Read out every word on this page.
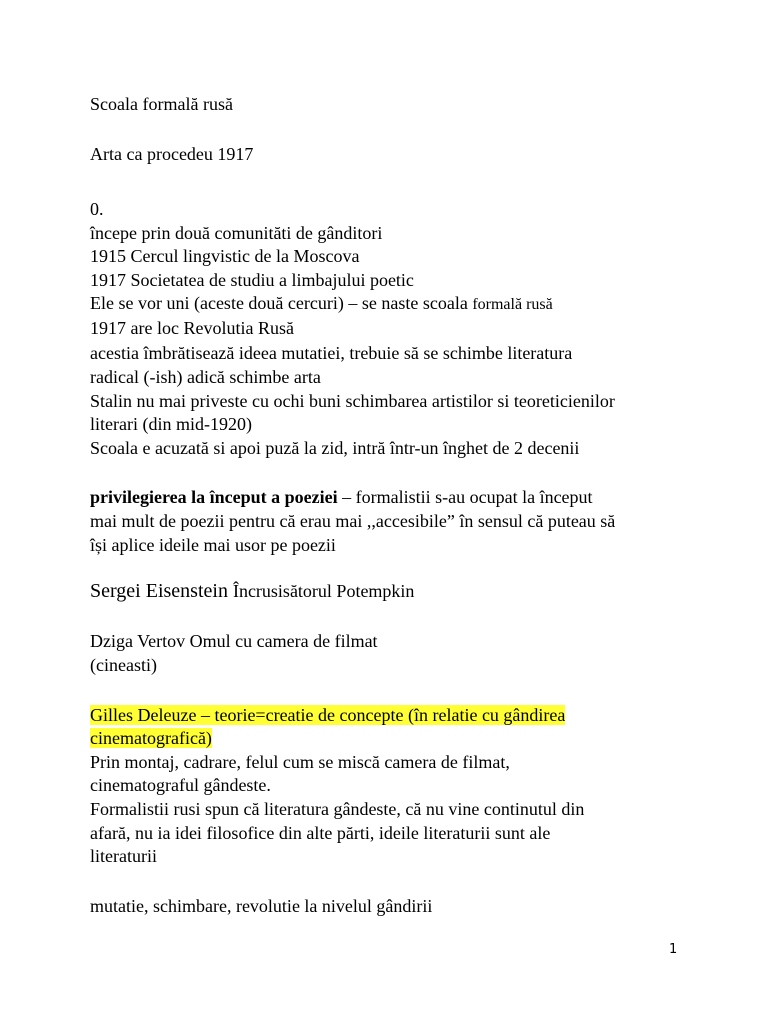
Scoala formală rusă
Arta ca procedeu 1917
0.
începe prin două comunităti de gânditori
1915 Cercul lingvistic de la Moscova
1917 Societatea de studiu a limbajului poetic
Ele se vor uni (aceste două cercuri) – se naste scoala formală rusă
1917 are loc Revolutia Rusă
acestia îmbrătisează ideea mutatiei, trebuie să se schimbe literatura
radical (-ish) adică schimbe arta
Stalin nu mai priveste cu ochi buni schimbarea artistilor si teoreticienilor
literari (din mid-1920)
Scoala e acuzată si apoi puză la zid, intră într-un înghet de 2 decenii
privilegierea la început a poeziei – formalistii s-au ocupat la început
mai mult de poezii pentru că erau mai ,,accesibile” în sensul că puteau să
își aplice ideile mai usor pe poezii
Sergei Eisenstein Încrusisătorul Potempkin
Dziga Vertov Omul cu camera de filmat
(cineasti)
Gilles Deleuze – teorie=creatie de concepte (în relatie cu gândirea
cinematografică)
Prin montaj, cadrare, felul cum se miscă camera de filmat,
cinematograful gândeste.
Formalistii rusi spun că literatura gândeste, că nu vine continutul din
afară, nu ia idei filosofice din alte părti, ideile literaturii sunt ale
literaturii
mutatie, schimbare, revolutie la nivelul gândirii
1
